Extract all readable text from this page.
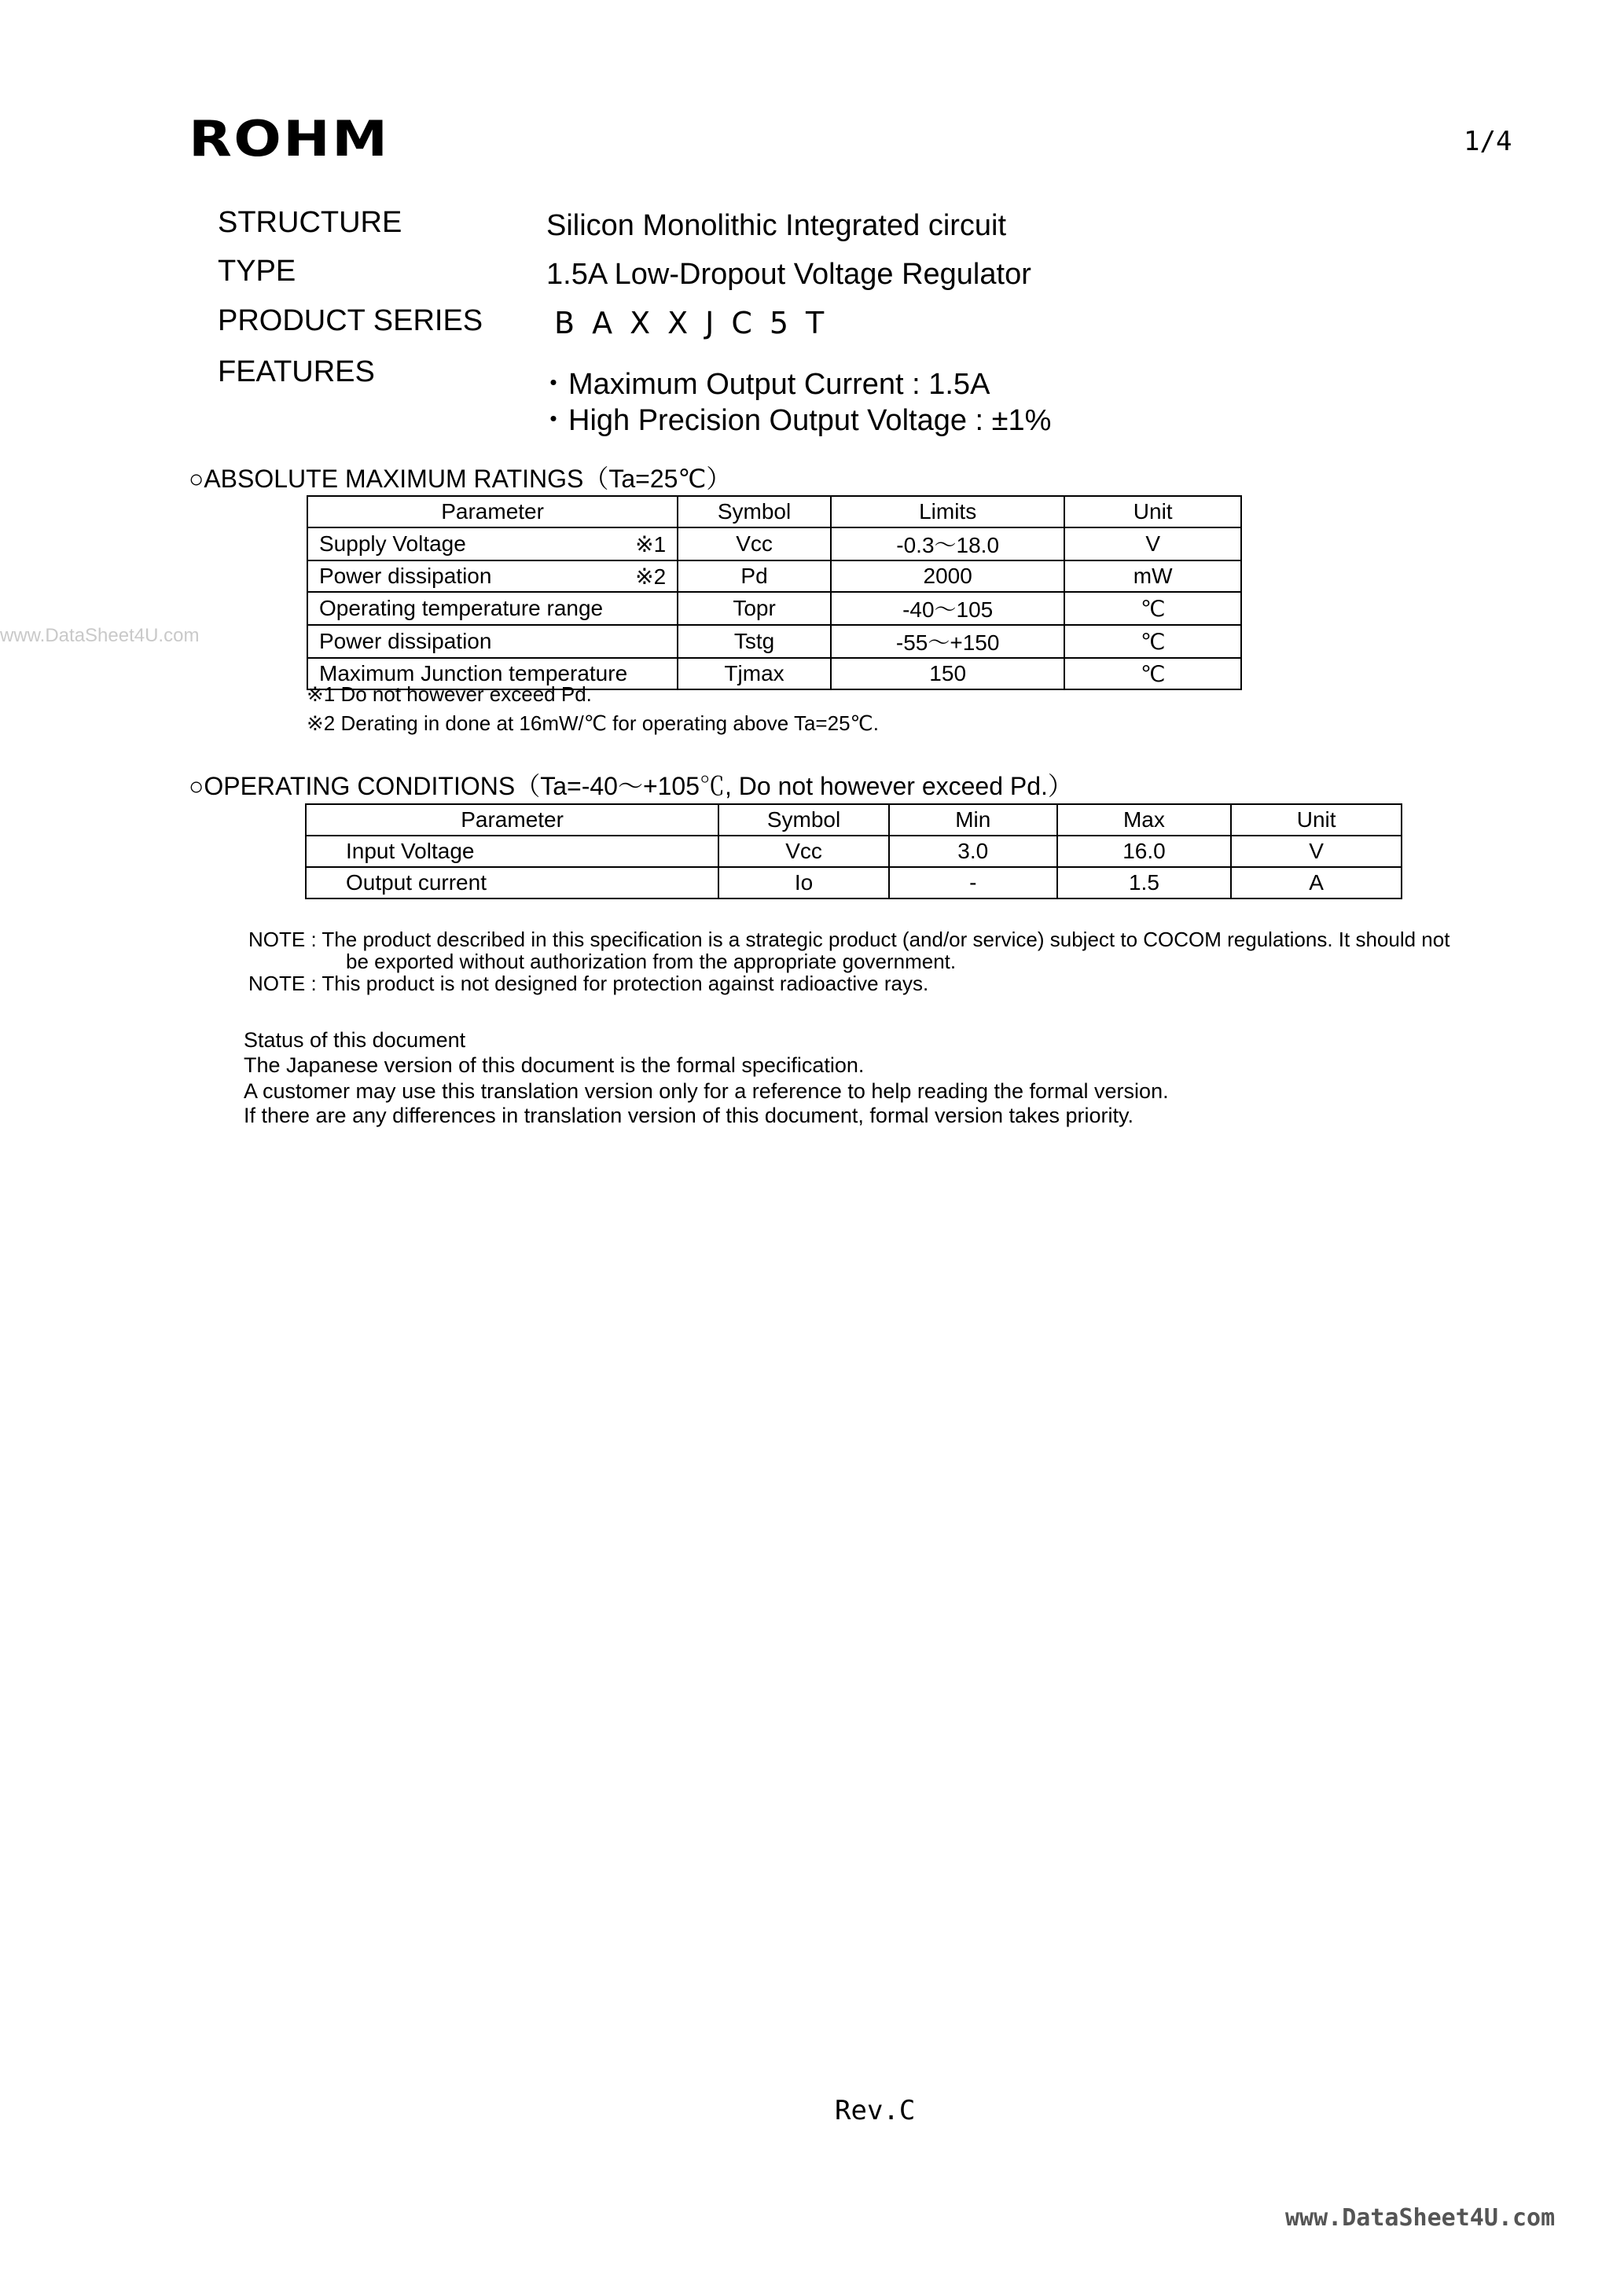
ROHM	1/4
STRUCTURE	Silicon Monolithic Integrated circuit
TYPE	1.5A Low-Dropout Voltage Regulator
PRODUCT SERIES BAXXJC5T
FEATURES	・Maximum Output Current : 1.5A
・High Precision Output Voltage : ±1%
www.DataSheet4U.com
○ABSOLUTE MAXIMUM RATINGS（Ta=25℃）
Parameter	Symbol	Limits	Unit
Supply Voltage ※1	Vcc	-0.3～18.0	V
Power dissipation ※2	Pd	2000	mW
Operating temperature range	Topr	-40～105	℃
Power dissipation	Tstg	-55～+150	℃
Maximum Junction temperature	Tjmax	150	℃
※1 Do not however exceed Pd.
※2 Derating in done at 16mW/℃ for operating above Ta=25℃.
○OPERATING CONDITIONS（Ta=-40～+105℃, Do not however exceed Pd.）
Parameter	Symbol	Min	Max	Unit
Input Voltage	Vcc	3.0	16.0	V
Output current	Io	-	1.5	A
NOTE : The product described in this specification is a strategic product (and/or service) subject to COCOM regulations. It should not
be exported without authorization from the appropriate government.
NOTE : This product is not designed for protection against radioactive rays.
Status of this document
The Japanese version of this document is the formal specification.
A customer may use this translation version only for a reference to help reading the formal version.
If there are any differences in translation version of this document, formal version takes priority.
Rev.C
www.DataSheet4U.com
